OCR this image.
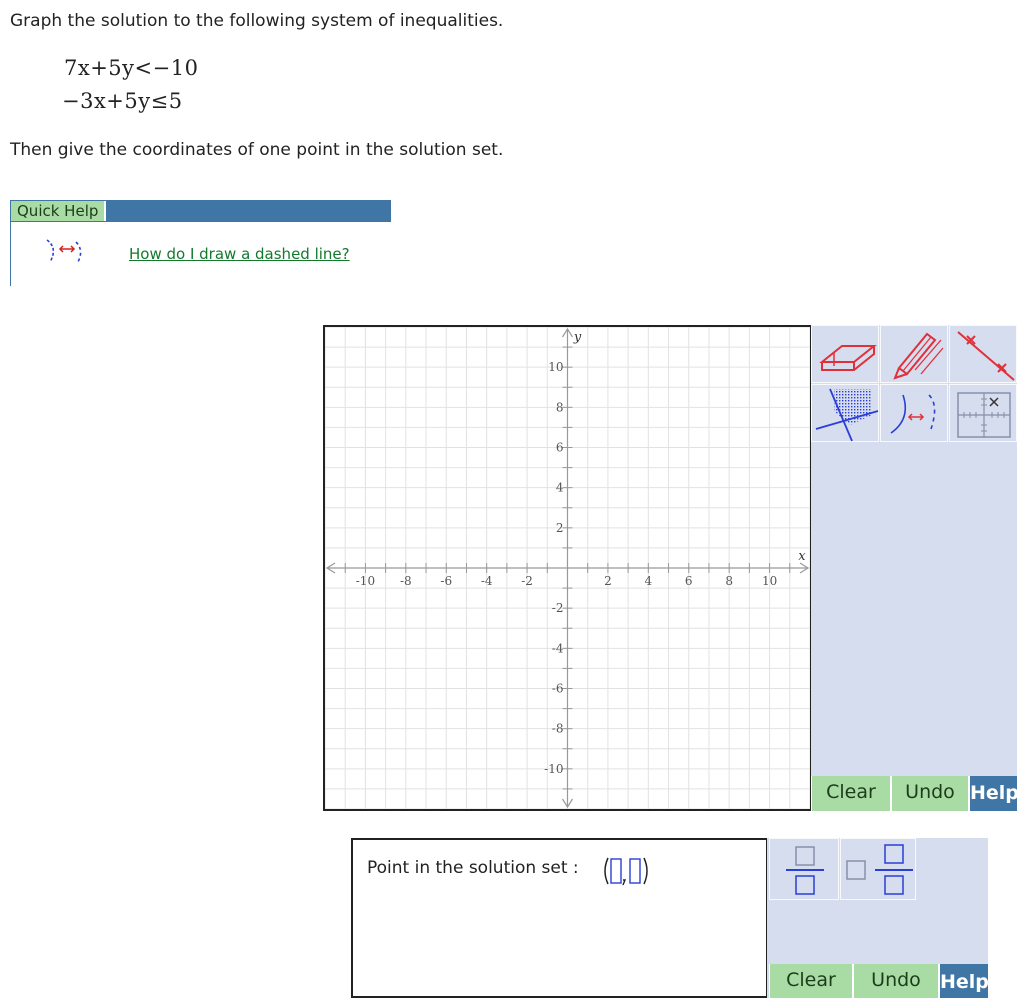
Graph the solution to the following system of inequalities.
7x+5y<−10
−3x+5y≤5
Then give the coordinates of one point in the solution set.
Quick Help
How do I draw a dashed line?
-10 -8 -6 -4 -2	2	4	6	8 10
10
8
6
4
2
-2
-4
-6
-8
-10
x
y
Clear	Undo Help
Point in the solution set :
Clear	Undo	Help
